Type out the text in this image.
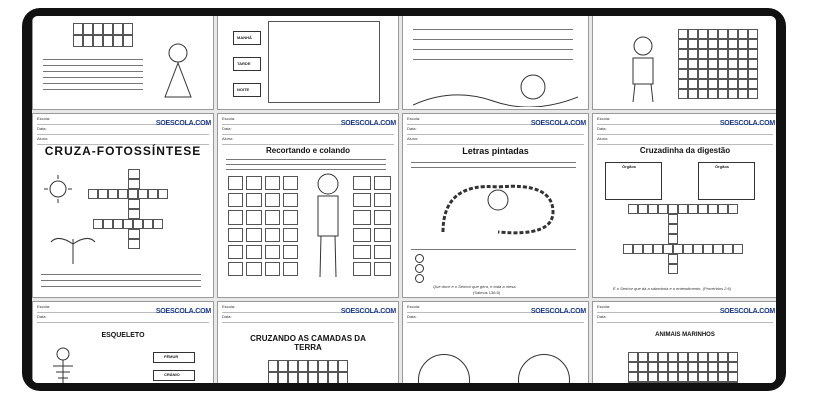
MANHÃ
TARDE
NOITE
Escola:
Data:
Aluno:
SOESCOLA.COM
CRUZA-FOTOSSÍNTESE
Escola:
Data:
Aluno:
SOESCOLA.COM
Recortando e colando
Escola:
Data:
Aluno:
SOESCOLA.COM
Letras pintadas
Que doce é o Senhor que gera, e toda a mesa.
(Salmos 136:5)
Escola:
Data:
Aluno:
SOESCOLA.COM
Cruzadinha da digestão
Órgãos	Órgãos
É o Senhor que dá a sabedoria e o entendimento. (Provérbios 2:6)
Escola:
Data:
SOESCOLA.COM
ESQUELETO
FÊMUR
CRÂNIO
Escola:
Data:
SOESCOLA.COM
CRUZANDO AS CAMADAS DA TERRA
Escola:
Data:
SOESCOLA.COM
Escola:
Data:
SOESCOLA.COM
ANIMAIS MARINHOS
